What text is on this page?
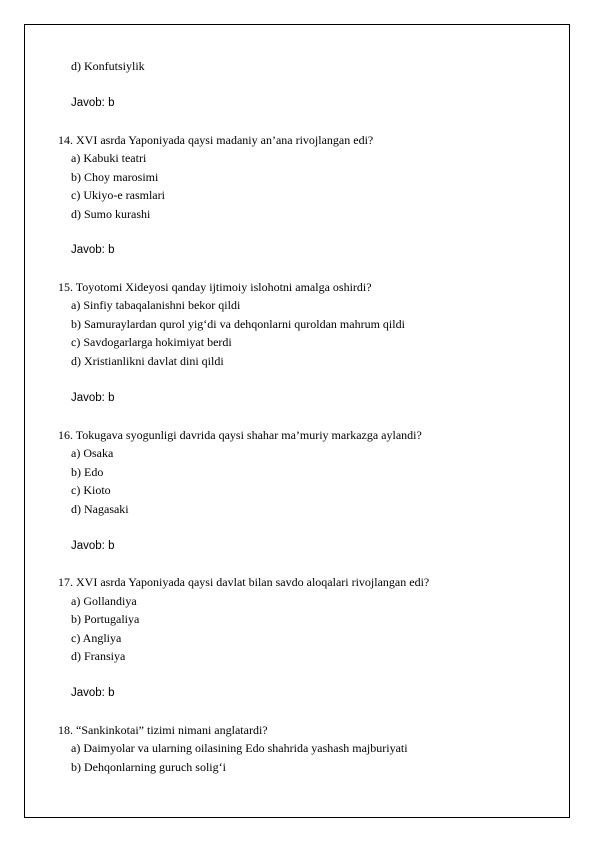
d) Konfutsiylik
Javob: b
14. XVI asrda Yaponiyada qaysi madaniy an’ana rivojlangan edi?
a) Kabuki teatri
b) Choy marosimi
c) Ukiyo-e rasmlari
d) Sumo kurashi
Javob: b
15. Toyotomi Xideyosi qanday ijtimoiy islohotni amalga oshirdi?
a) Sinfiy tabaqalanishni bekor qildi
b) Samuraylardan qurol yig‘di va dehqonlarni quroldan mahrum qildi
c) Savdogarlarga hokimiyat berdi
d) Xristianlikni davlat dini qildi
Javob: b
16. Tokugava syogunligi davrida qaysi shahar ma’muriy markazga aylandi?
a) Osaka
b) Edo
c) Kioto
d) Nagasaki
Javob: b
17. XVI asrda Yaponiyada qaysi davlat bilan savdo aloqalari rivojlangan edi?
a) Gollandiya
b) Portugaliya
c) Angliya
d) Fransiya
Javob: b
18. “Sankinkotai” tizimi nimani anglatardi?
a) Daimyolar va ularning oilasining Edo shahrida yashash majburiyati
b) Dehqonlarning guruch solig‘i
